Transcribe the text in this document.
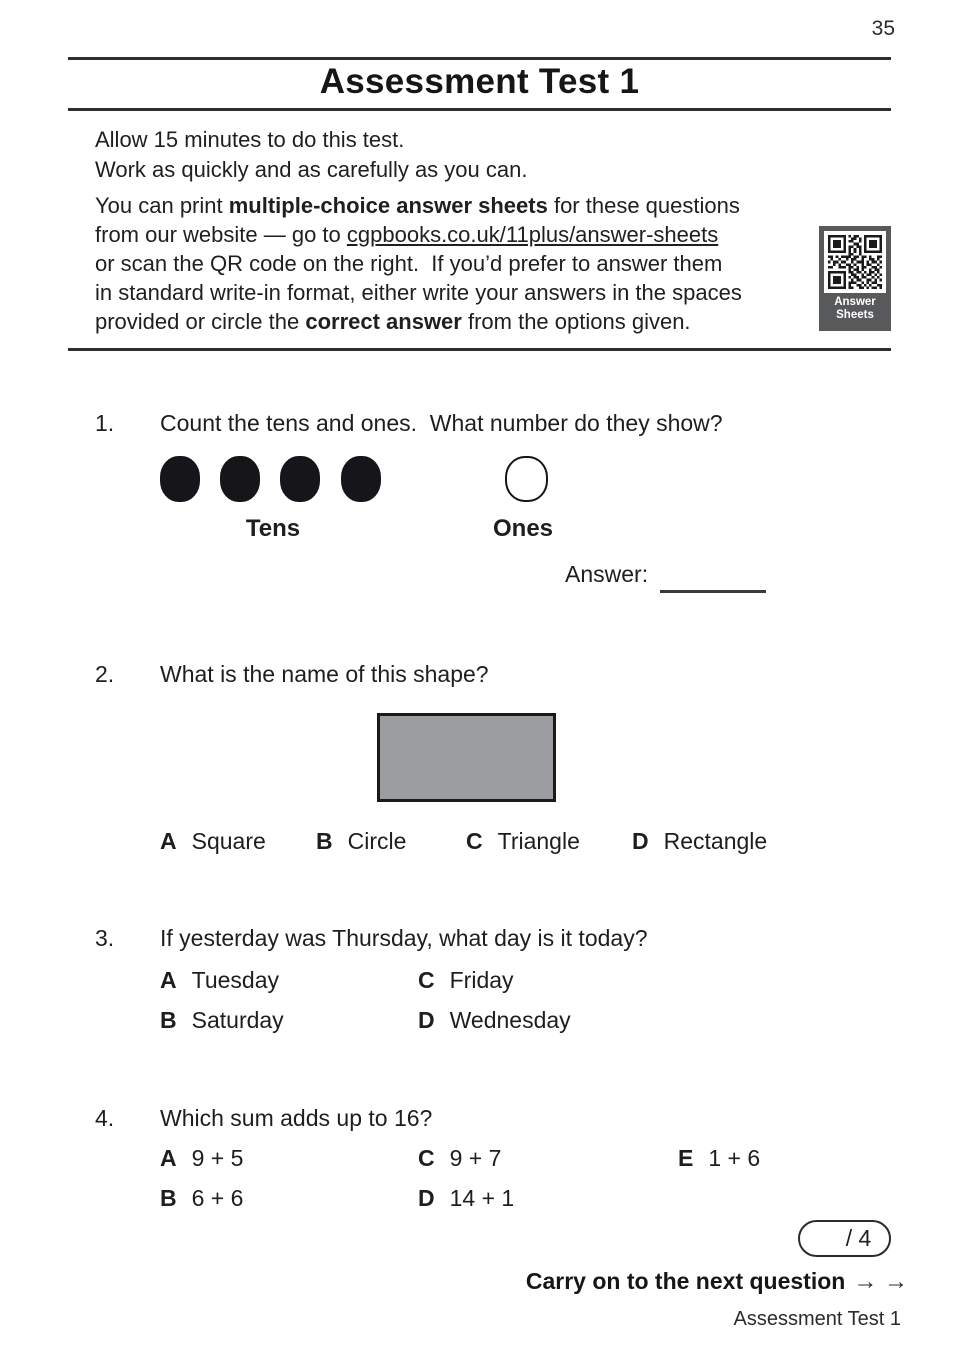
35
Assessment Test 1
Allow 15 minutes to do this test.
Work as quickly and as carefully as you can.

You can print multiple-choice answer sheets for these questions
from our website — go to cgpbooks.co.uk/11plus/answer-sheets
or scan the QR code on the right.  If you’d prefer to answer them
in standard write-in format, either write your answers in the spaces
provided or circle the correct answer from the options given.

Answer
Sheets
1. Count the tens and ones.  What number do they show?
Tens	Ones
Answer:
2. What is the name of this shape?
A Square B Circle	C Triangle D Rectangle
3. If yesterday was Thursday, what day is it today?
A Tuesday	C Friday
B Saturday	D Wednesday
4. Which sum adds up to 16?
A 9 + 5	C 9 + 7	E 1 + 6
B 6 + 6	D 14 + 1
/ 4
Carry on to the next question → →
Assessment Test 1
